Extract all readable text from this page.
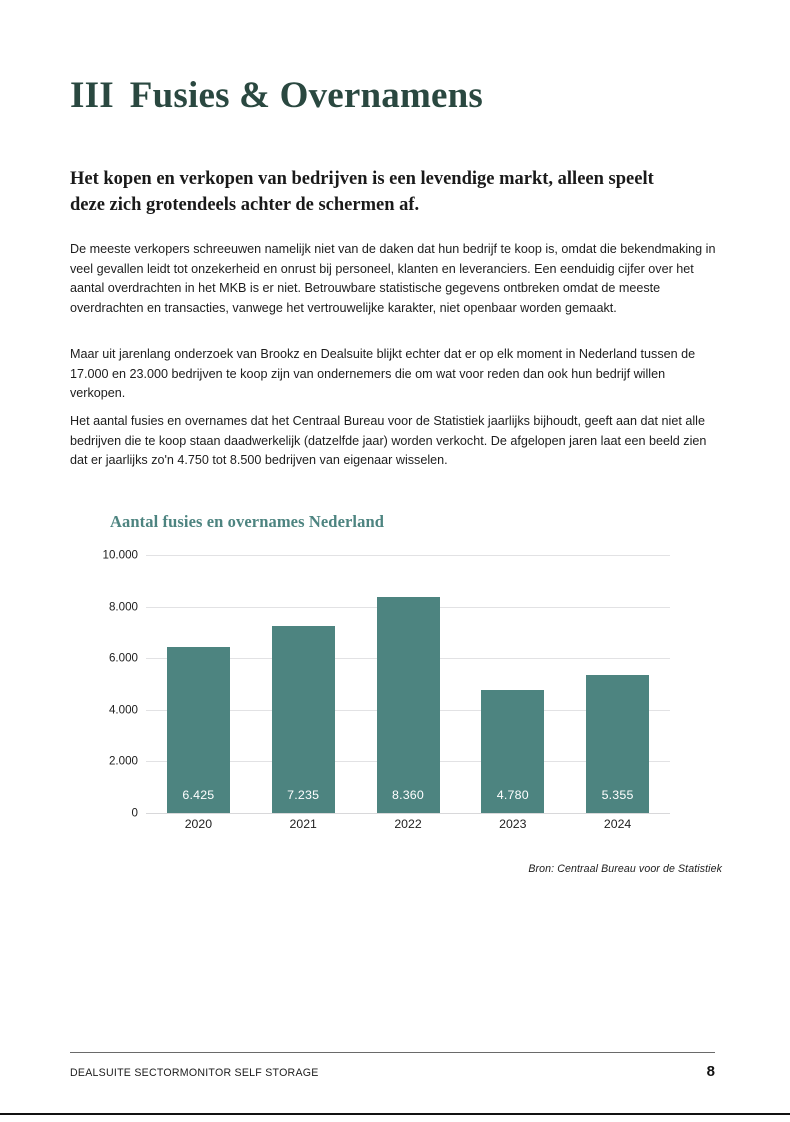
III Fusies & Overnamens
Het kopen en verkopen van bedrijven is een levendige markt, alleen speelt deze zich grotendeels achter de schermen af.
De meeste verkopers schreeuwen namelijk niet van de daken dat hun bedrijf te koop is, omdat die bekendmaking in veel gevallen leidt tot onzekerheid en onrust bij personeel, klanten en leveranciers. Een eenduidig cijfer over het aantal overdrachten in het MKB is er niet. Betrouwbare statistische gegevens ontbreken omdat de meeste overdrachten en transacties, vanwege het vertrouwelijke karakter, niet openbaar worden gemaakt.
Maar uit jarenlang onderzoek van Brookz en Dealsuite blijkt echter dat er op elk moment in Nederland tussen de 17.000 en 23.000 bedrijven te koop zijn van ondernemers die om wat voor reden dan ook hun bedrijf willen verkopen.
Het aantal fusies en overnames dat het Centraal Bureau voor de Statistiek jaarlijks bijhoudt, geeft aan dat niet alle bedrijven die te koop staan daadwerkelijk (datzelfde jaar) worden verkocht. De afgelopen jaren laat een beeld zien dat er jaarlijks zo'n 4.750 tot 8.500 bedrijven van eigenaar wisselen.
Aantal fusies en overnames Nederland
0
2.000
4.000
6.000
8.000
10.000
6.425	7.235	8.360	4.780	5.355
2020	2021	2022	2023	2024
Bron: Centraal Bureau voor de Statistiek
DEALSUITE SECTORMONITOR SELF STORAGE	8
